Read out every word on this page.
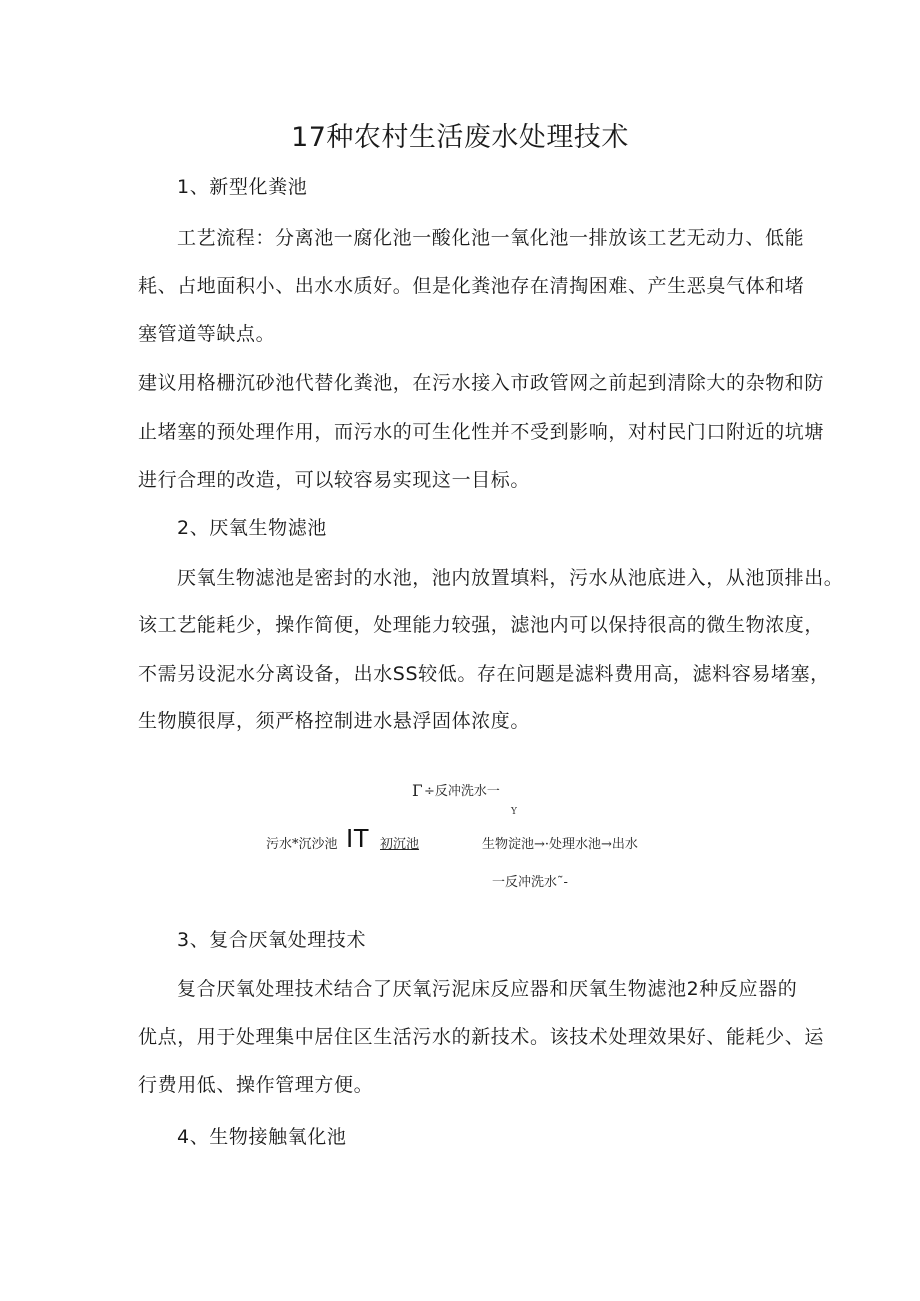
17种农村生活废水处理技术
1、新型化粪池
工艺流程：分离池一腐化池一酸化池一氧化池一排放该工艺无动力、低能
耗、占地面积小、出水水质好。但是化粪池存在清掏困难、产生恶臭气体和堵
塞管道等缺点。
建议用格栅沉砂池代替化粪池，在污水接入市政管网之前起到清除大的杂物和防
止堵塞的预处理作用，而污水的可生化性并不受到影响，对村民门口附近的坑塘
进行合理的改造，可以较容易实现这一目标。
2、厌氧生物滤池
厌氧生物滤池是密封的水池，池内放置填料，污水从池底进入，从池顶排出。
该工艺能耗少，操作简便，处理能力较强，滤池内可以保持很高的微生物浓度，
不需另设泥水分离设备，出水SS较低。存在问题是滤料费用高，滤料容易堵塞，
生物膜很厚，须严格控制进水悬浮固体浓度。
Г ÷反冲洗水一
Y
污水*沉沙池 IT 初沉池	生物淀池→·处理水池→出水
一反冲洗水˜-
3、复合厌氧处理技术
复合厌氧处理技术结合了厌氧污泥床反应器和厌氧生物滤池2种反应器的
优点，用于处理集中居住区生活污水的新技术。该技术处理效果好、能耗少、运
行费用低、操作管理方便。
4、生物接触氧化池
